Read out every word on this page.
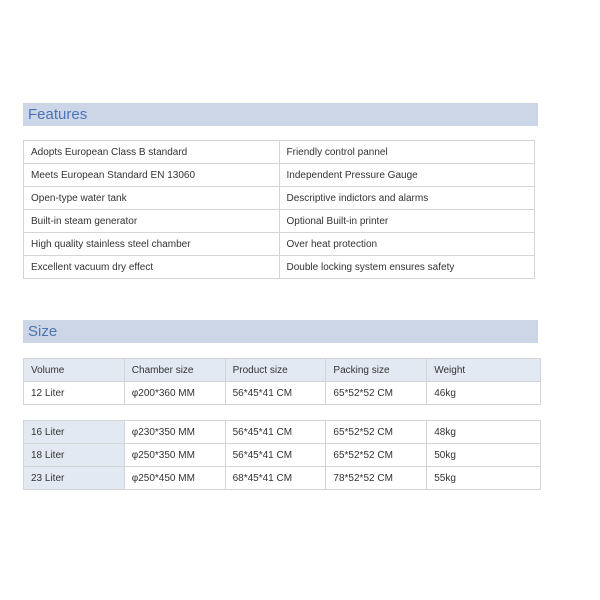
Features
Adopts European Class B standard	Friendly control pannel
Meets European Standard EN 13060	Independent Pressure Gauge
Open-type water tank	Descriptive indictors and alarms
Built-in steam generator	Optional Built-in printer
High quality stainless steel chamber	Over heat protection
Excellent vacuum dry effect	Double locking system ensures safety
Size
Volume	Chamber size	Product size	Packing size	Weight
12 Liter	φ200*360 MM	56*45*41 CM	65*52*52 CM	46kg
16 Liter	φ230*350 MM	56*45*41 CM	65*52*52 CM	48kg
18 Liter	φ250*350 MM	56*45*41 CM	65*52*52 CM	50kg
23 Liter	φ250*450 MM	68*45*41 CM	78*52*52 CM	55kg
